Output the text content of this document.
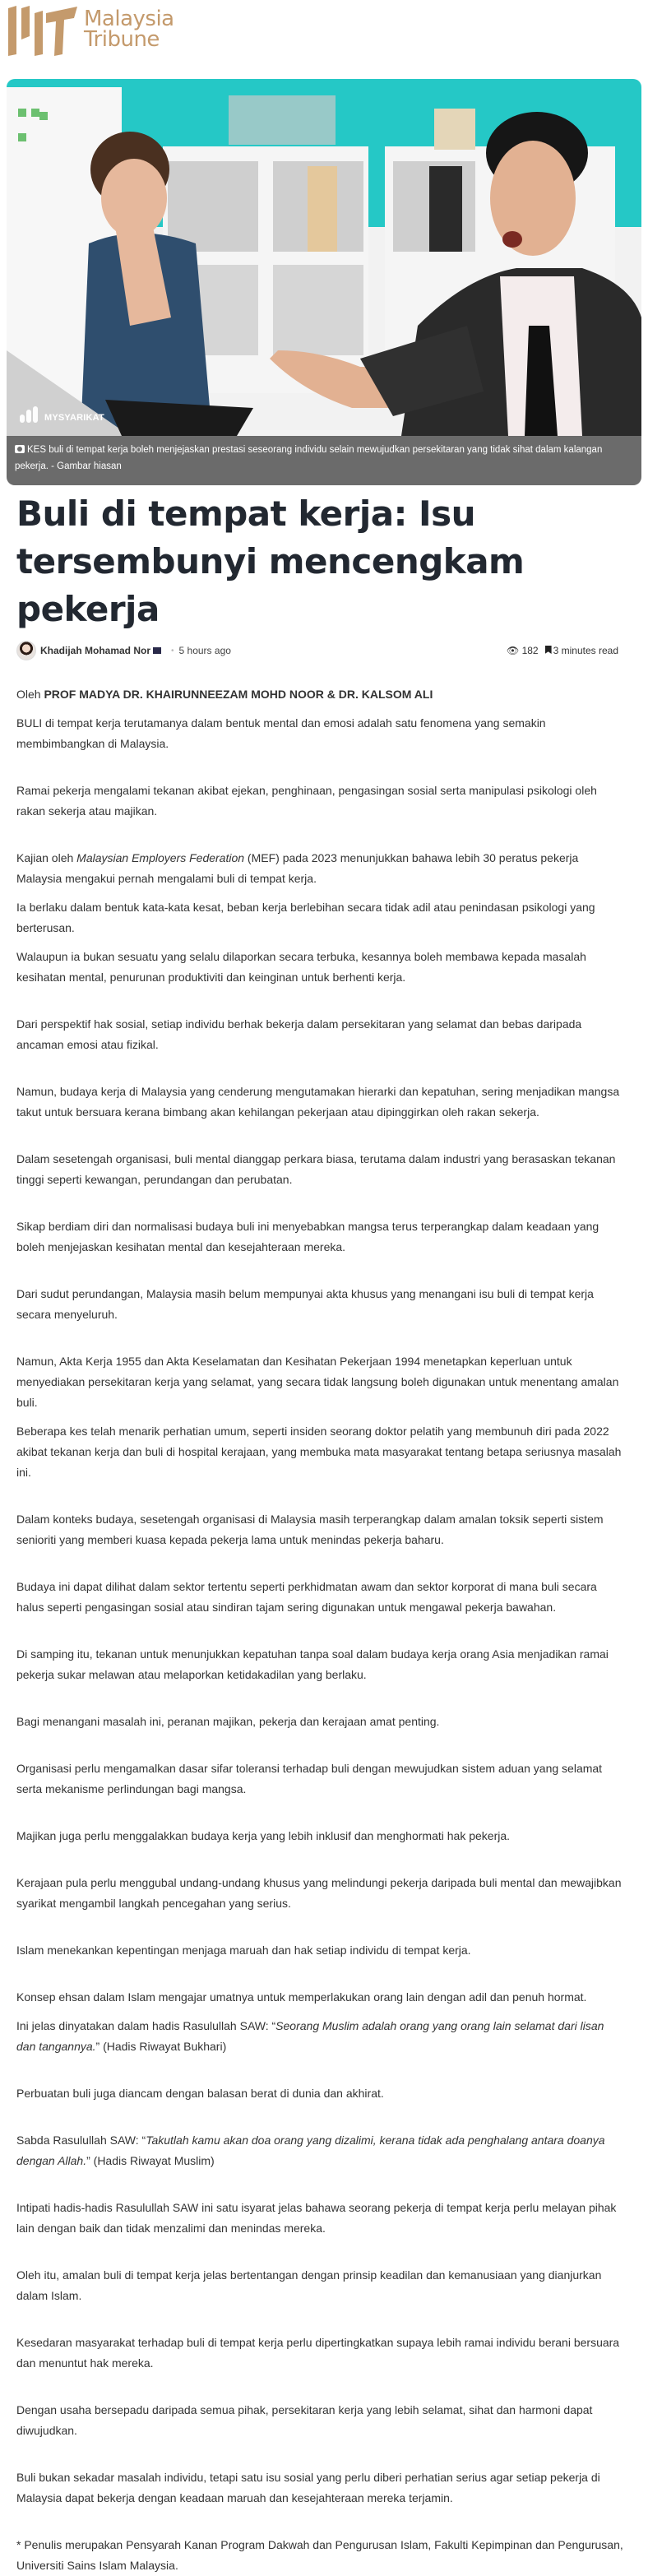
Malaysia
Tribune
MYSYARIKAT
KES buli di tempat kerja boleh menjejaskan prestasi seseorang individu selain mewujudkan persekitaran yang tidak sihat dalam kalangan pekerja. - Gambar hiasan
Buli di tempat kerja: Isu tersembunyi mencengkam pekerja
Khadijah Mohamad Nor	• 5 hours ago	👁 182	3 minutes read

Oleh PROF MADYA DR. KHAIRUNNEEZAM MOHD NOOR & DR. KALSOM ALI

BULI di tempat kerja terutamanya dalam bentuk mental dan emosi adalah satu fenomena yang semakin membimbangkan di Malaysia.

Ramai pekerja mengalami tekanan akibat ejekan, penghinaan, pengasingan sosial serta manipulasi psikologi oleh rakan sekerja atau majikan.

Kajian oleh Malaysian Employers Federation (MEF) pada 2023 menunjukkan bahawa lebih 30 peratus pekerja Malaysia mengakui pernah mengalami buli di tempat kerja.

Ia berlaku dalam bentuk kata-kata kesat, beban kerja berlebihan secara tidak adil atau penindasan psikologi yang berterusan.

Walaupun ia bukan sesuatu yang selalu dilaporkan secara terbuka, kesannya boleh membawa kepada masalah kesihatan mental, penurunan produktiviti dan keinginan untuk berhenti kerja.

Dari perspektif hak sosial, setiap individu berhak bekerja dalam persekitaran yang selamat dan bebas daripada ancaman emosi atau fizikal.

Namun, budaya kerja di Malaysia yang cenderung mengutamakan hierarki dan kepatuhan, sering menjadikan mangsa takut untuk bersuara kerana bimbang akan kehilangan pekerjaan atau dipinggirkan oleh rakan sekerja.

Dalam sesetengah organisasi, buli mental dianggap perkara biasa, terutama dalam industri yang berasaskan tekanan tinggi seperti kewangan, perundangan dan perubatan.

Sikap berdiam diri dan normalisasi budaya buli ini menyebabkan mangsa terus terperangkap dalam keadaan yang boleh menjejaskan kesihatan mental dan kesejahteraan mereka.

Dari sudut perundangan, Malaysia masih belum mempunyai akta khusus yang menangani isu buli di tempat kerja secara menyeluruh.

Namun, Akta Kerja 1955 dan Akta Keselamatan dan Kesihatan Pekerjaan 1994 menetapkan keperluan untuk menyediakan persekitaran kerja yang selamat, yang secara tidak langsung boleh digunakan untuk menentang amalan buli.

Beberapa kes telah menarik perhatian umum, seperti insiden seorang doktor pelatih yang membunuh diri pada 2022 akibat tekanan kerja dan buli di hospital kerajaan, yang membuka mata masyarakat tentang betapa seriusnya masalah ini.

Dalam konteks budaya, sesetengah organisasi di Malaysia masih terperangkap dalam amalan toksik seperti sistem senioriti yang memberi kuasa kepada pekerja lama untuk menindas pekerja baharu.

Budaya ini dapat dilihat dalam sektor tertentu seperti perkhidmatan awam dan sektor korporat di mana buli secara halus seperti pengasingan sosial atau sindiran tajam sering digunakan untuk mengawal pekerja bawahan.

Di samping itu, tekanan untuk menunjukkan kepatuhan tanpa soal dalam budaya kerja orang Asia menjadikan ramai pekerja sukar melawan atau melaporkan ketidakadilan yang berlaku.

Bagi menangani masalah ini, peranan majikan, pekerja dan kerajaan amat penting.

Organisasi perlu mengamalkan dasar sifar toleransi terhadap buli dengan mewujudkan sistem aduan yang selamat serta mekanisme perlindungan bagi mangsa.

Majikan juga perlu menggalakkan budaya kerja yang lebih inklusif dan menghormati hak pekerja.

Kerajaan pula perlu menggubal undang-undang khusus yang melindungi pekerja daripada buli mental dan mewajibkan syarikat mengambil langkah pencegahan yang serius.

Islam menekankan kepentingan menjaga maruah dan hak setiap individu di tempat kerja.

Konsep ehsan dalam Islam mengajar umatnya untuk memperlakukan orang lain dengan adil dan penuh hormat.

Ini jelas dinyatakan dalam hadis Rasulullah SAW: “Seorang Muslim adalah orang yang orang lain selamat dari lisan dan tangannya.” (Hadis Riwayat Bukhari)

Perbuatan buli juga diancam dengan balasan berat di dunia dan akhirat.

Sabda Rasulullah SAW: “Takutlah kamu akan doa orang yang dizalimi, kerana tidak ada penghalang antara doanya dengan Allah.” (Hadis Riwayat Muslim)

Intipati hadis-hadis Rasulullah SAW ini satu isyarat jelas bahawa seorang pekerja di tempat kerja perlu melayan pihak lain dengan baik dan tidak menzalimi dan menindas mereka.

Oleh itu, amalan buli di tempat kerja jelas bertentangan dengan prinsip keadilan dan kemanusiaan yang dianjurkan dalam Islam.

Kesedaran masyarakat terhadap buli di tempat kerja perlu dipertingkatkan supaya lebih ramai individu berani bersuara dan menuntut hak mereka.

Dengan usaha bersepadu daripada semua pihak, persekitaran kerja yang lebih selamat, sihat dan harmoni dapat diwujudkan.

Buli bukan sekadar masalah individu, tetapi satu isu sosial yang perlu diberi perhatian serius agar setiap pekerja di Malaysia dapat bekerja dengan keadaan maruah dan kesejahteraan mereka terjamin.

* Penulis merupakan Pensyarah Kanan Program Dakwah dan Pengurusan Islam, Fakulti Kepimpinan dan Pengurusan, Universiti Sains Islam Malaysia.
